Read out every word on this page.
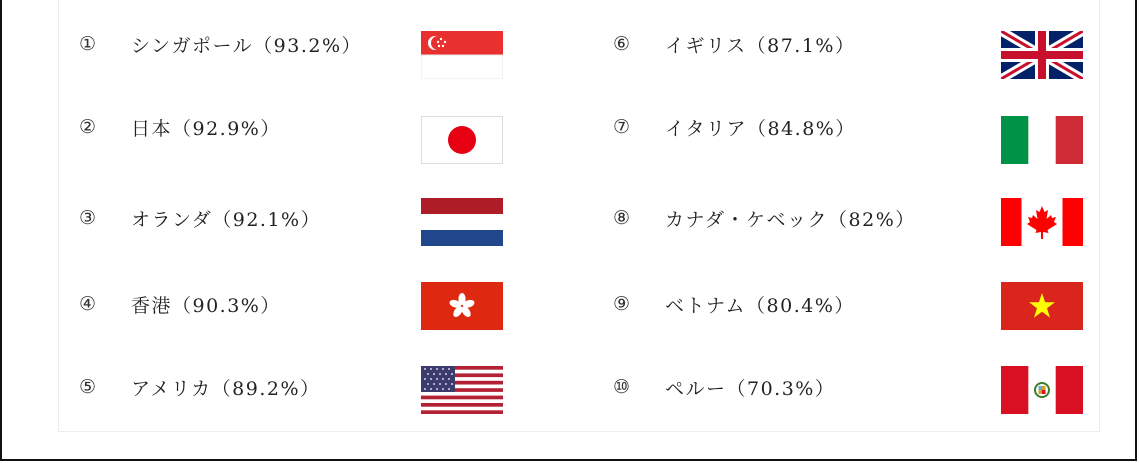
①	シンガポール（93.2%）
②	日本（92.9%）
③	オランダ（92.1%）
④	香港（90.3%）
⑤	アメリカ（89.2%）
⑥	イギリス（87.1%）
⑦	イタリア（84.8%）
⑧	カナダ・ケベック（82%）
⑨	ベトナム（80.4%）
⑩	ペルー（70.3%）
